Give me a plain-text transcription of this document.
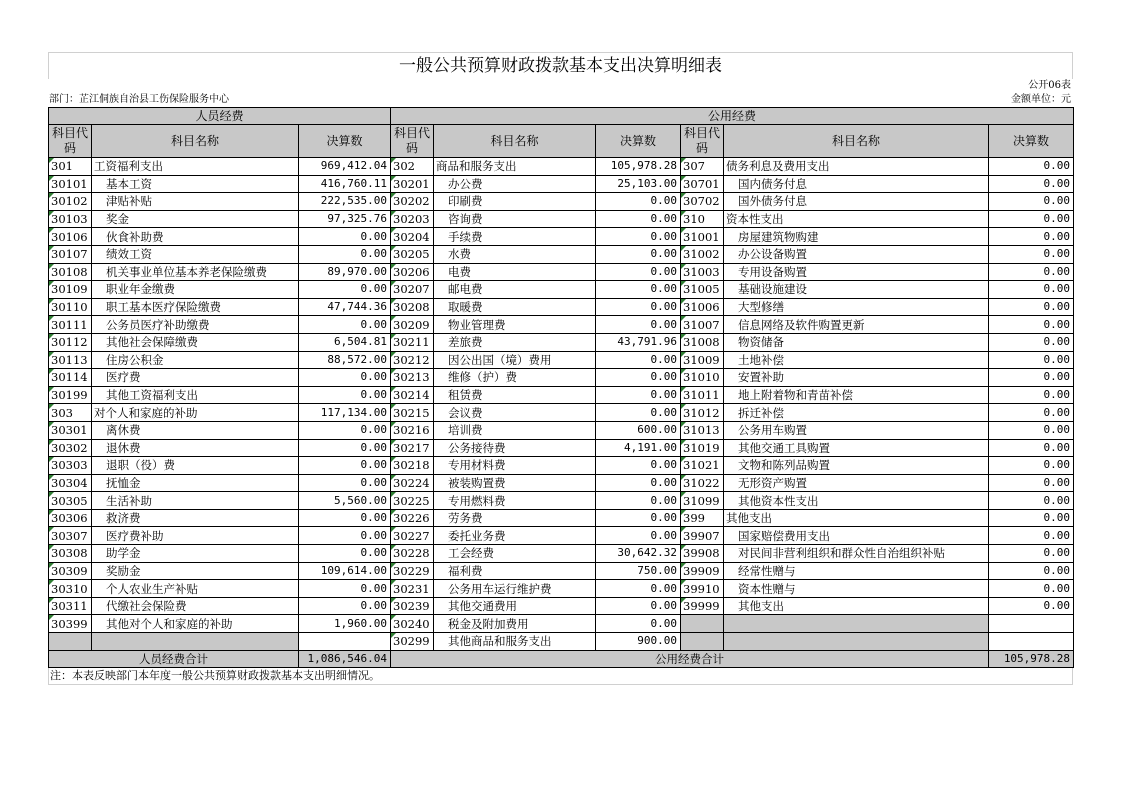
一般公共预算财政拨款基本支出决算明细表
公开06表
部门：芷江侗族自治县工伤保险服务中心	金额单位：元
人员经费			公用经费					
科目代码	科目名称	决算数	科目代码	科目名称	决算数	科目代码	科目名称	决算数
301	工资福利支出	969,412.04	302	商品和服务支出	105,978.28	307	债务利息及费用支出	0.00
30101	基本工资	416,760.11	30201	办公费	25,103.00	30701	国内债务付息	0.00
30102	津贴补贴	222,535.00	30202	印刷费	0.00	30702	国外债务付息	0.00
30103	奖金	97,325.76	30203	咨询费	0.00	310	资本性支出	0.00
30106	伙食补助费	0.00	30204	手续费	0.00	31001	房屋建筑物购建	0.00
30107	绩效工资	0.00	30205	水费	0.00	31002	办公设备购置	0.00
30108	机关事业单位基本养老保险缴费	89,970.00	30206	电费	0.00	31003	专用设备购置	0.00
30109	职业年金缴费	0.00	30207	邮电费	0.00	31005	基础设施建设	0.00
30110	职工基本医疗保险缴费	47,744.36	30208	取暖费	0.00	31006	大型修缮	0.00
30111	公务员医疗补助缴费	0.00	30209	物业管理费	0.00	31007	信息网络及软件购置更新	0.00
30112	其他社会保障缴费	6,504.81	30211	差旅费	43,791.96	31008	物资储备	0.00
30113	住房公积金	88,572.00	30212	因公出国（境）费用	0.00	31009	土地补偿	0.00
30114	医疗费	0.00	30213	维修（护）费	0.00	31010	安置补助	0.00
30199	其他工资福利支出	0.00	30214	租赁费	0.00	31011	地上附着物和青苗补偿	0.00
303	对个人和家庭的补助	117,134.00	30215	会议费	0.00	31012	拆迁补偿	0.00
30301	离休费	0.00	30216	培训费	600.00	31013	公务用车购置	0.00
30302	退休费	0.00	30217	公务接待费	4,191.00	31019	其他交通工具购置	0.00
30303	退职（役）费	0.00	30218	专用材料费	0.00	31021	文物和陈列品购置	0.00
30304	抚恤金	0.00	30224	被装购置费	0.00	31022	无形资产购置	0.00
30305	生活补助	5,560.00	30225	专用燃料费	0.00	31099	其他资本性支出	0.00
30306	救济费	0.00	30226	劳务费	0.00	399	其他支出	0.00
30307	医疗费补助	0.00	30227	委托业务费	0.00	39907	国家赔偿费用支出	0.00
30308	助学金	0.00	30228	工会经费	30,642.32	39908	对民间非营利组织和群众性自治组织补贴	0.00
30309	奖励金	109,614.00	30229	福利费	750.00	39909	经常性赠与	0.00
30310	个人农业生产补贴	0.00	30231	公务用车运行维护费	0.00	39910	资本性赠与	0.00
30311	代缴社会保险费	0.00	30239	其他交通费用	0.00	39999	其他支出	0.00
30399	其他对个人和家庭的补助	1,960.00	30240	税金及附加费用	0.00			
			30299	其他商品和服务支出	900.00			
人员经费合计		1,086,546.04	公用经费合计					105,978.28
注：本表反映部门本年度一般公共预算财政拨款基本支出明细情况。
